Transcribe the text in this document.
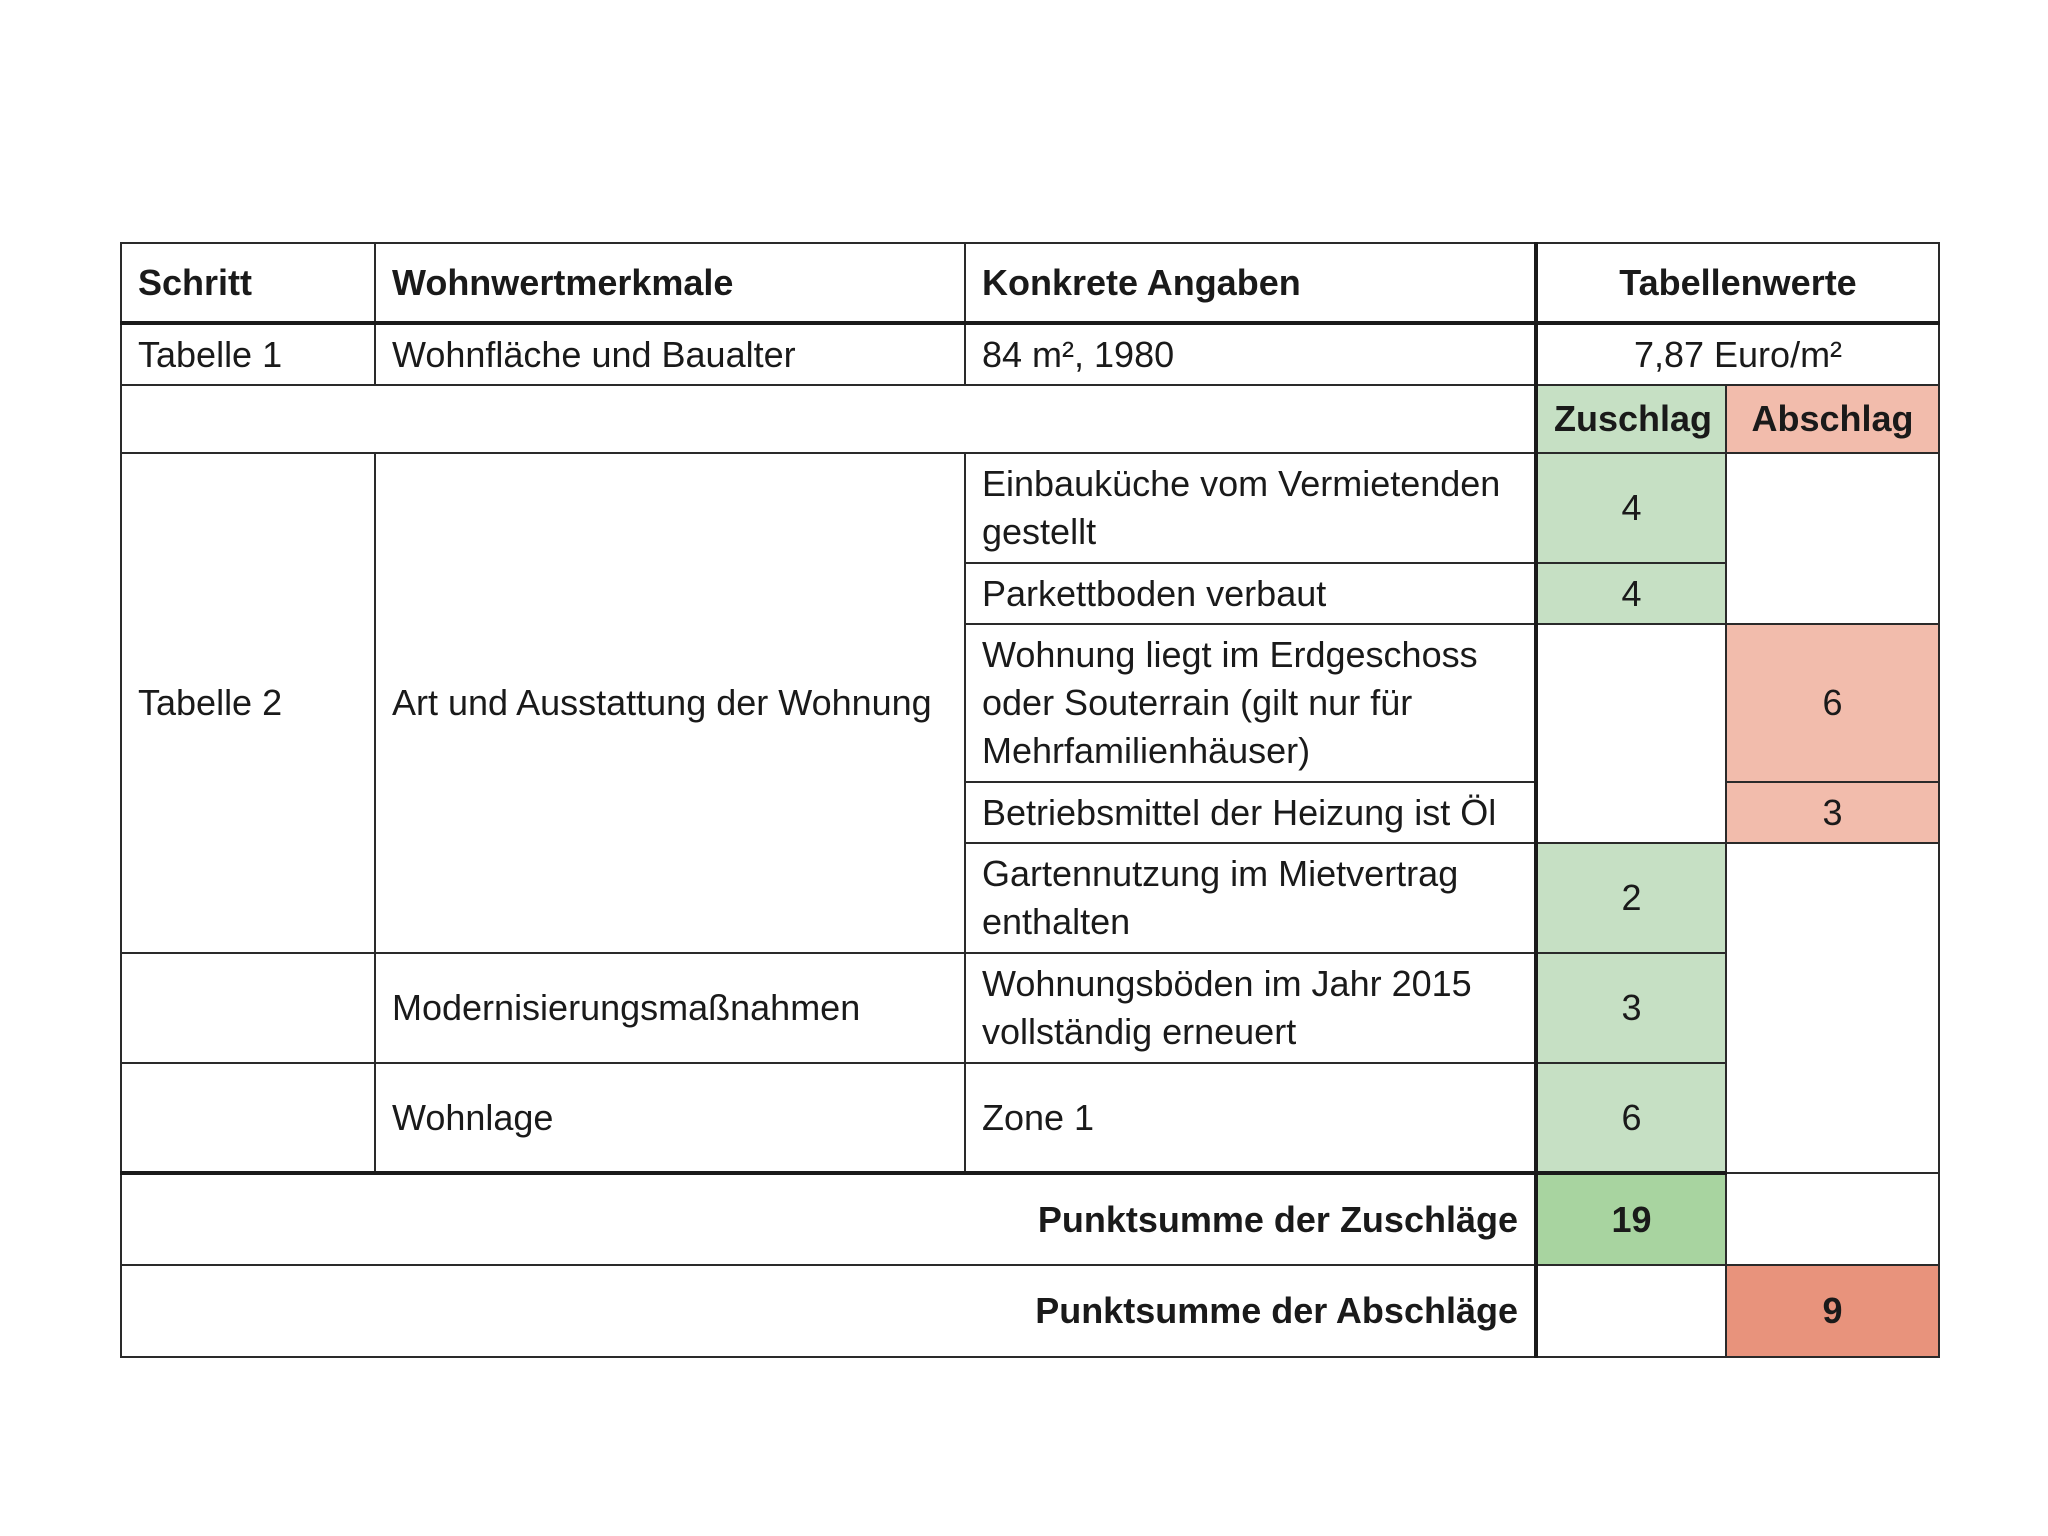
Schritt	Wohnwertmerkmale	Konkrete Angaben	Tabellenwerte	
Tabelle 1	Wohnfläche und Baualter	84 m², 1980	7,87 Euro/m²	
			Zuschlag	Abschlag
Tabelle 2	Art und Ausstattung der Wohnung	Einbauküche vom Vermietenden gestellt	4	
		Parkettboden verbaut	4	
		Wohnung liegt im Erdgeschoss oder Souterrain (gilt nur für Mehrfamilienhäuser)		6
		Betriebsmittel der Heizung ist Öl		3
		Gartennutzung im Mietvertrag enthalten	2	
	Modernisierungsmaßnahmen	Wohnungsböden im Jahr 2015 vollständig erneuert	3	
	Wohnlage	Zone 1	6	
Punktsumme der Zuschläge			19	
Punktsumme der Abschläge				9
